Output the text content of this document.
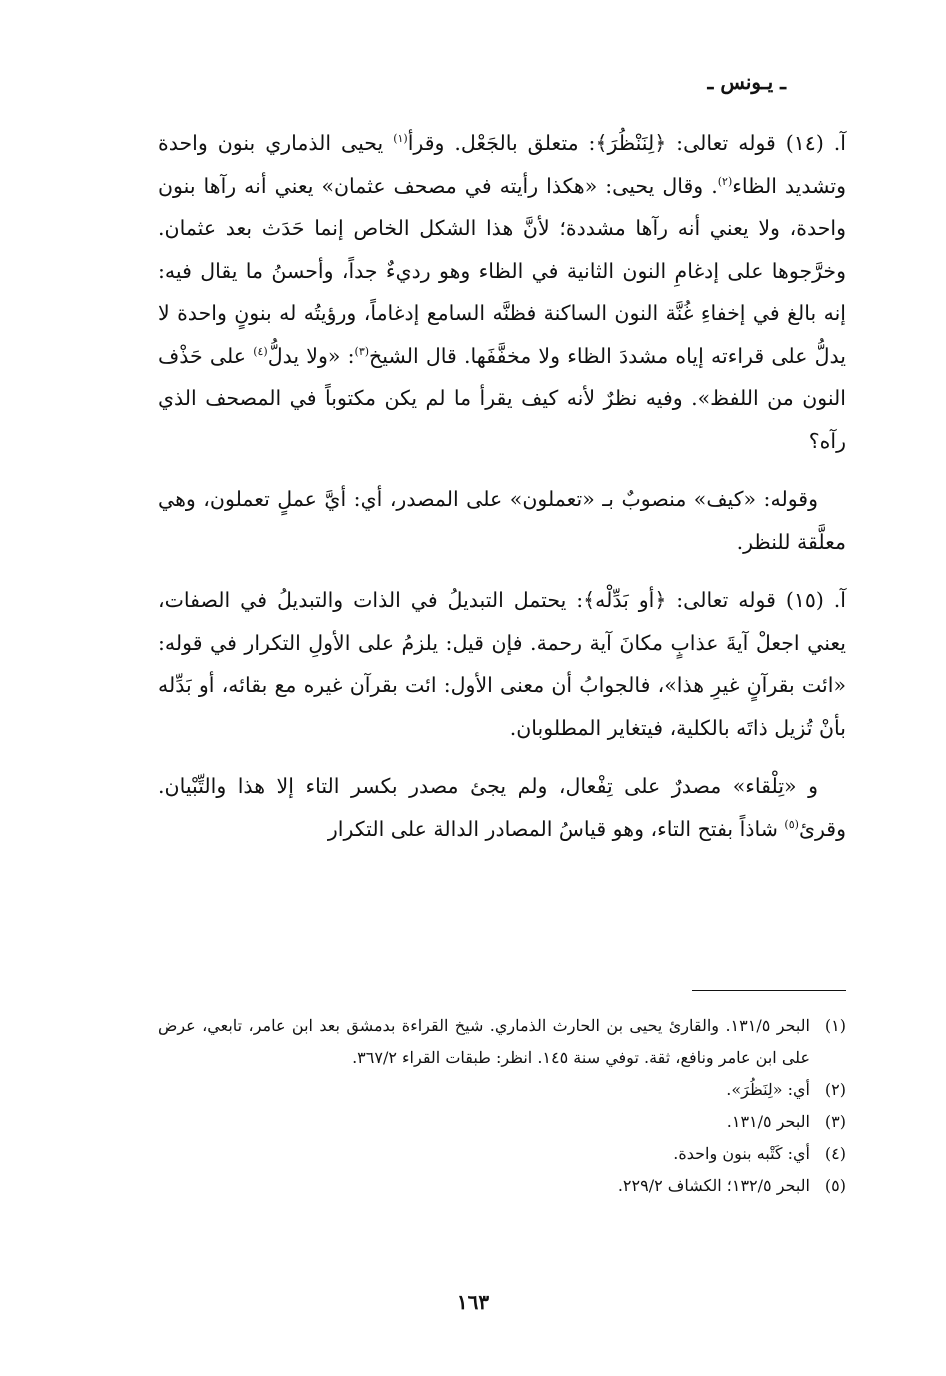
ـ يـونس ـ

آ. (١٤) قوله تعالى: ﴿لِنَنْظُرَ﴾: متعلق بالجَعْل. وقرأ$^{(١)}$ يحيى الذماري بنون واحدة وتشديد الظاء$^{(٢)}$. وقال يحيى: «هكذا رأيته في مصحف عثمان» يعني أنه رآها بنون واحدة، ولا يعني أنه رآها مشددة؛ لأنَّ هذا الشكل الخاص إنما حَدَث بعد عثمان. وخرَّجوها على إدغامِ النون الثانية في الظاء وهو رديءٌ جداً، وأحسنُ ما يقال فيه: إنه بالغ في إخفاءِ غُنَّة النون الساكنة فظنَّه السامع إدغاماً، ورؤيتُه له بنونٍ واحدة لا يدلُّ على قراءته إياه مشددَ الظاء ولا مخفَّفَها. قال الشيخ$^{(٣)}$: «ولا يدلُّ$^{(٤)}$ على حَذْف النون من اللفظ». وفيه نظرٌ لأنه كيف يقرأ ما لم يكن مكتوباً في المصحف الذي رآه؟

وقوله: «كيف» منصوبٌ بـ «تعملون» على المصدر، أي: أيَّ عملٍ تعملون، وهي معلَّقة للنظر.

آ. (١٥) قوله تعالى: ﴿أو بَدِّلْه﴾: يحتمل التبديلُ في الذات والتبديلُ في الصفات، يعني اجعلْ آيةَ عذابٍ مكانَ آية رحمة. فإن قيل: يلزمُ على الأولِ التكرار في قوله: «ائت بقرآنٍ غيرِ هذا»، فالجوابُ أن معنى الأول: ائت بقرآن غيره مع بقائه، أو بَدِّله بأنْ تُزيل ذاتَه بالكلية، فيتغاير المطلوبان.

و «تِلْقاء» مصدرٌ على تِفْعال، ولم يجئ مصدر بكسر التاء إلا هذا والتِّبْيان. وقرئ$^{(٥)}$ شاذاً بفتح التاء، وهو قياسُ المصادر الدالة على التكرار

(١)
البحر ١٣١/٥. والقارئ يحيى بن الحارث الذماري. شيخ القراءة بدمشق بعد ابن عامر، تابعي، عرض على ابن عامر ونافع، ثقة. توفي سنة ١٤٥. انظر: طبقات القراء ٣٦٧/٢.
(٢)
أي: «لِنَظُرَ».
(٣)
البحر ١٣١/٥.
(٤)
أي: كَتْبه بنون واحدة.
(٥)
البحر ١٣٢/٥؛ الكشاف ٢٢٩/٢.
١٦٣
